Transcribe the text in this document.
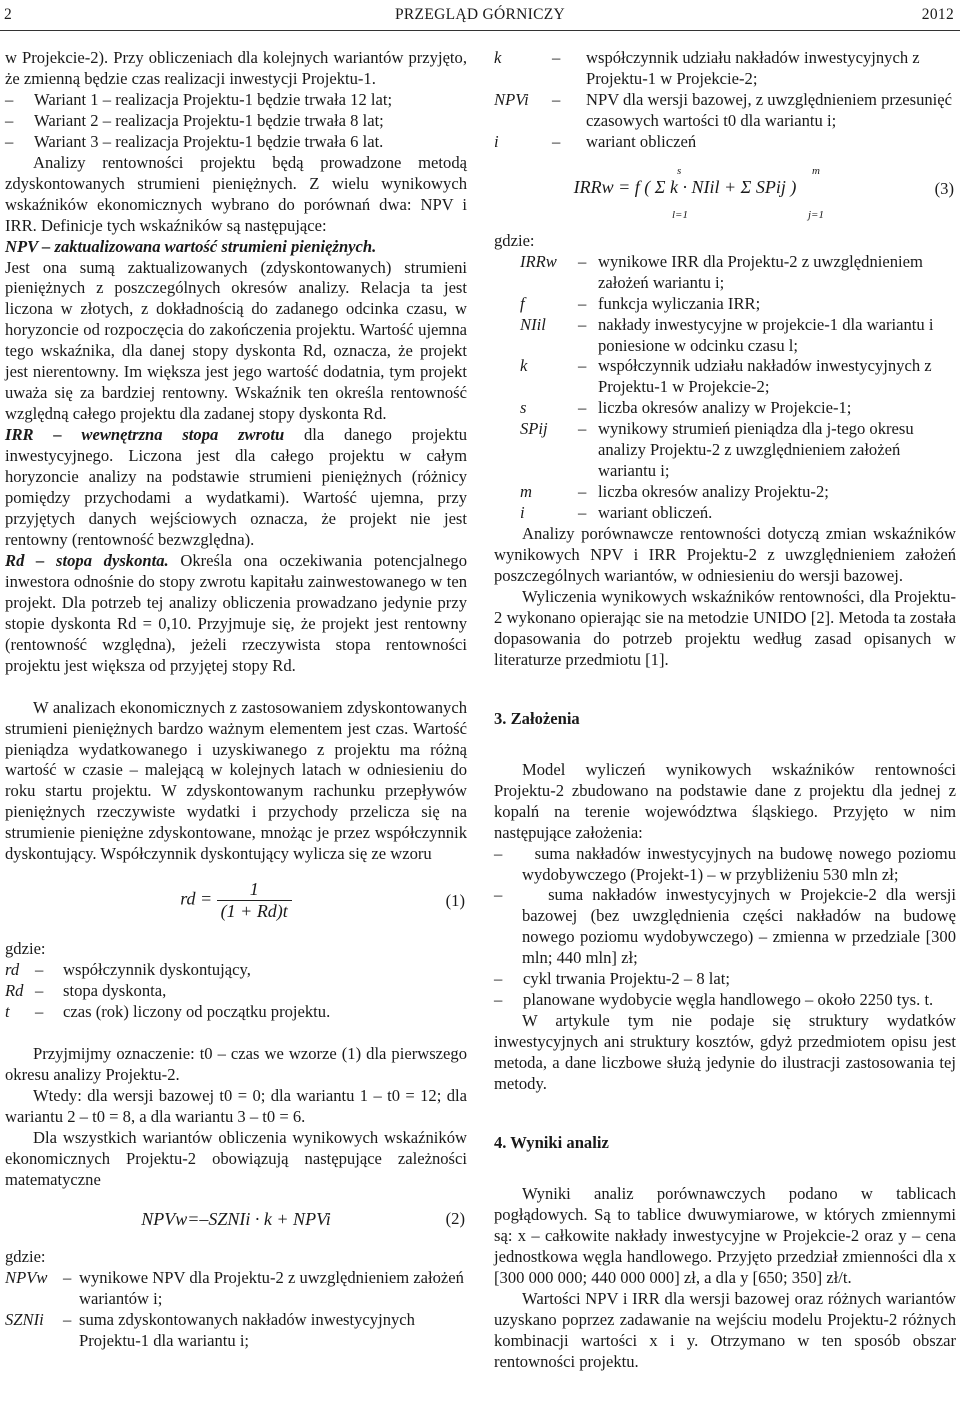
2	PRZEGLĄD GÓRNICZY	2012

w Projekcie-2). Przy obliczeniach dla kolejnych wariantów przyjęto, że zmienną będzie czas realizacji inwestycji Projektu-1.

–     Wariant 1 – realizacja Projektu-1 będzie trwała 12 lat;

–     Wariant 2 – realizacja Projektu-1 będzie trwała 8 lat;

–     Wariant 3 – realizacja Projektu-1 będzie trwała 6 lat.

Analizy rentowności projektu będą prowadzone metodą zdyskontowanych strumieni pieniężnych. Z wielu wynikowych wskaźników ekonomicznych wybrano do porównań dwa: NPV i IRR. Definicje tych wskaźników są następujące:

NPV – zaktualizowana wartość strumieni pieniężnych.

Jest ona sumą zaktualizowanych (zdyskontowanych) strumieni pieniężnych z poszczególnych okresów analizy. Relacja ta jest liczona w złotych, z dokładnością do zadanego odcinka czasu, w horyzoncie od rozpoczęcia do zakończenia projektu. Wartość ujemna tego wskaźnika, dla danej stopy dyskonta Rd, oznacza, że projekt jest nierentowny. Im większa jest jego wartość dodatnia, tym projekt uważa się za bardziej rentowny. Wskaźnik ten określa rentowność względną całego projektu dla zadanej stopy dyskonta Rd.

IRR – wewnętrzna stopa zwrotu dla danego projektu inwestycyjnego. Liczona jest dla całego projektu w całym horyzoncie analizy na podstawie strumieni pieniężnych (różnicy pomiędzy przychodami a wydatkami). Wartość ujemna, przy przyjętych danych wejściowych oznacza, że projekt nie jest rentowny (rentowność bezwzględna).

Rd – stopa dyskonta. Określa ona oczekiwania potencjalnego inwestora odnośnie do stopy zwrotu kapitału zainwestowanego w ten projekt. Dla potrzeb tej analizy obliczenia prowadzano jedynie przy stopie dyskonta Rd = 0,10. Przyjmuje się, że projekt jest rentowny (rentowność względna), jeżeli rzeczywista stopa rentowności projektu jest większa od przyjętej stopy Rd.

W analizach ekonomicznych z zastosowaniem zdyskontowanych strumieni pieniężnych bardzo ważnym elementem jest czas. Wartość pieniądza wydatkowanego i uzyskiwanego z projektu ma różną wartość w czasie – malejącą w kolejnych latach w odniesieniu do roku startu projektu. W zdyskontowanym rachunku przepływów pieniężnych rzeczywiste wydatki i przychody przelicza się na strumienie pieniężne zdyskontowane, mnożąc je przez współczynnik dyskontujący. Współczynnik dyskontujący wylicza się ze wzoru

rd = $\frac{1}{(1 + Rd)t}$	(1)

gdzie:

rd –	współczynnik dyskontujący,
Rd –	stopa dyskonta,
t	–	czas (rok) liczony od początku projektu.

Przyjmijmy oznaczenie: t0 – czas we wzorze (1) dla pierwszego okresu analizy Projektu-2.

Wtedy: dla wersji bazowej t0 = 0; dla wariantu 1 – t0 = 12; dla wariantu 2 – t0 = 8, a dla wariantu 3 – t0 = 6.

Dla wszystkich wariantów obliczenia wynikowych wskaźników ekonomicznych Projektu-2 obowiązują następujące zależności matematyczne

NPVw=–SZNIi · k + NPVi	(2)

gdzie:

NPVw – wynikowe NPV dla Projektu-2 z uwzględnieniem założeń wariantów i;
SZNIi	– suma zdyskontowanych nakładów inwestycyjnych Projektu-1 dla wariantu i;
k	–	współczynnik udziału nakładów inwestycyjnych z Projektu-1 w Projekcie-2;
NPVi	–	NPV dla wersji bazowej, z uwzględnieniem przesunięć czasowych wartości t0 dla wariantu i;
i	–	wariant obliczeń
IRRw = f ( Σ k · NIil + Σ SPij )
s
l=1
m
j=1
(3)

gdzie:

IRRw	– wynikowe IRR dla Projektu-2 z uwzględnieniem założeń wariantu i;
f	– funkcja wyliczania IRR;
NIil	– nakłady inwestycyjne w projekcie-1 dla wariantu i poniesione w odcinku czasu l;
k	– współczynnik udziału nakładów inwestycyjnych z Projektu-1 w Projekcie-2;
s	– liczba okresów analizy w Projekcie-1;
SPij	– wynikowy strumień pieniądza dla j-tego okresu analizy Projektu-2 z uwzględnieniem założeń wariantu i;
m	– liczba okresów analizy Projektu-2;
i	– wariant obliczeń.

Analizy porównawcze rentowności dotyczą zmian wskaźników wynikowych NPV i IRR Projektu-2 z uwzględnieniem założeń poszczególnych wariantów, w odniesieniu do wersji bazowej.

Wyliczenia wynikowych wskaźników rentowności, dla Projektu-2 wykonano opierając sie na metodzie UNIDO [2]. Metoda ta została dopasowania do potrzeb projektu według zasad opisanych w literaturze przedmiotu [1].

3. Założenia

Model wyliczeń wynikowych wskaźników rentowności Projektu-2 zbudowano na podstawie dane z projektu dla jednej z kopalń na terenie województwa śląskiego. Przyjęto w nim następujące założenia:

–     suma nakładów inwestycyjnych na budowę nowego poziomu wydobywczego (Projekt-1) – w przybliżeniu 530 mln zł;

–     suma nakładów inwestycyjnych w Projekcie-2 dla wersji bazowej (bez uwzględnienia części nakładów na budowę nowego poziomu wydobywczego) – zmienna w przedziale [300 mln; 440 mln] zł;

–     cykl trwania Projektu-2 – 8 lat;

–     planowane wydobycie węgla handlowego – około 2250 tys. t.

W artykule tym nie podaje się struktury wydatków inwestycyjnych ani struktury kosztów, gdyż przedmiotem opisu jest metoda, a dane liczbowe służą jedynie do ilustracji zastosowania tej metody.

4. Wyniki analiz

Wyniki analiz porównawczych podano w tablicach pogłądowych. Są to tablice dwuwymiarowe, w których zmiennymi są: x – całkowite nakłady inwestycyjne w Projekcie-2 oraz y – cena jednostkowa węgla handlowego. Przyjęto przedział zmienności dla x [300 000 000; 440 000 000] zł, a dla y [650; 350] zł/t.

Wartości NPV i IRR dla wersji bazowej oraz różnych wariantów uzyskano poprzez zadawanie na wejściu modelu Projektu-2 różnych kombinacji wartości x i y. Otrzymano w ten sposób obszar rentowności projektu.
